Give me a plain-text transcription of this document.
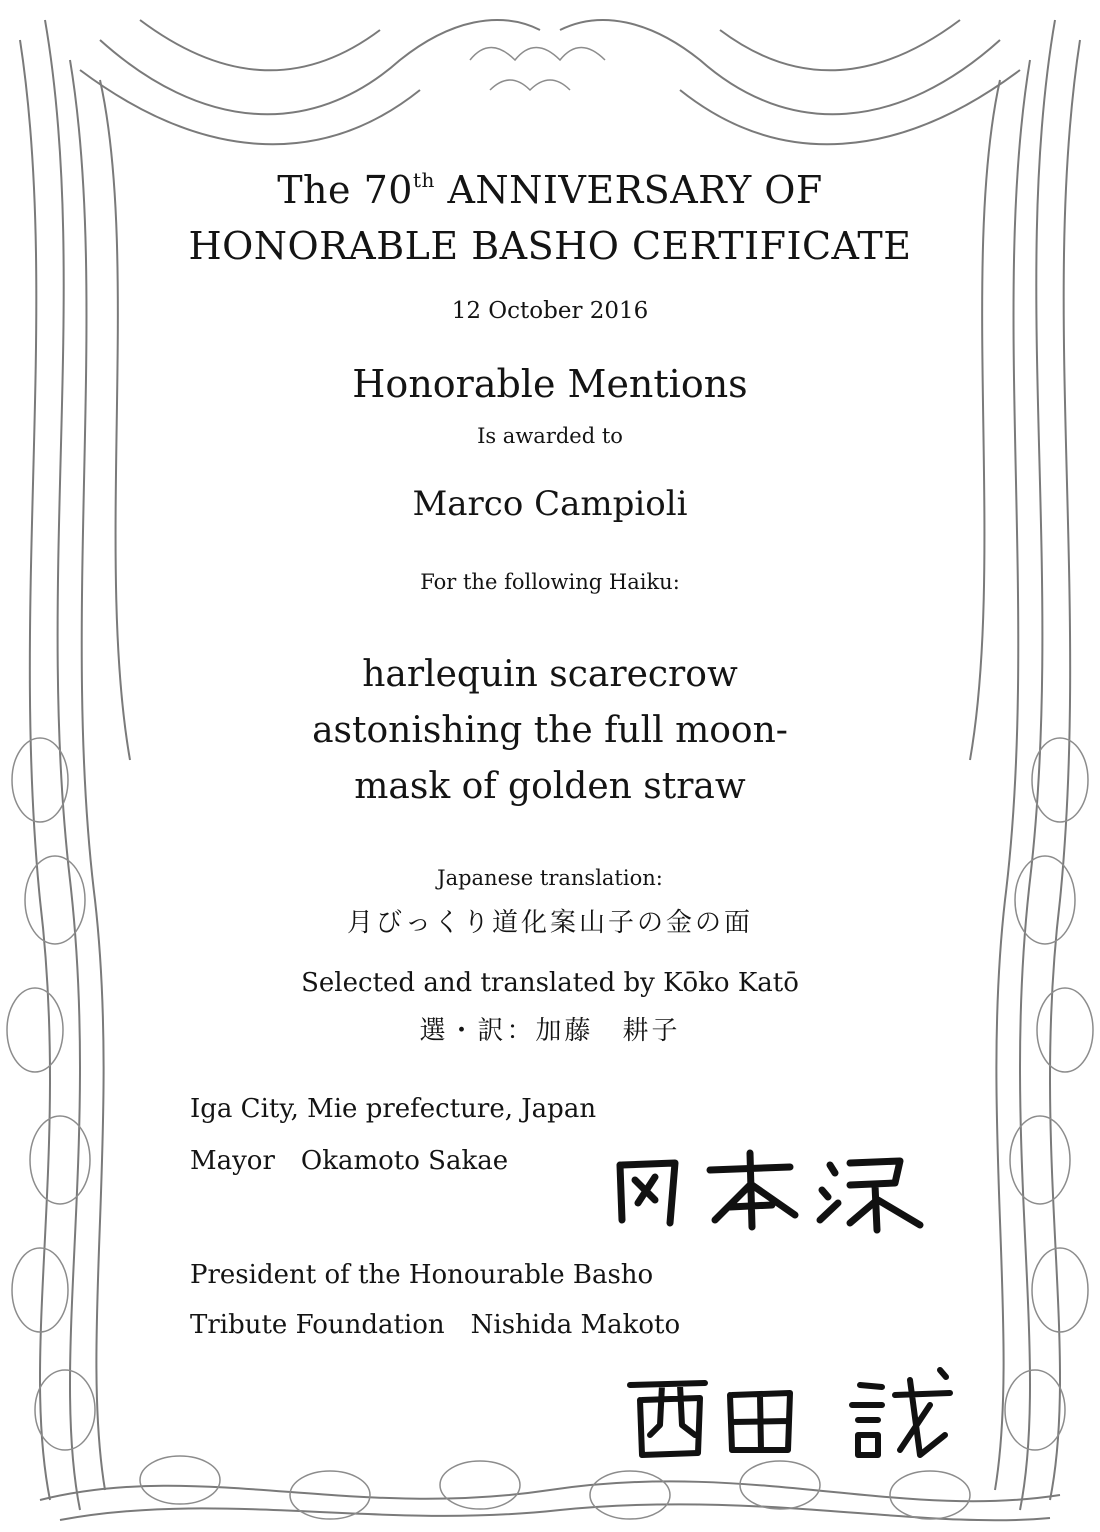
The 70th ANNIVERSARY OF
HONORABLE BASHO CERTIFICATE
12 October 2016
Honorable Mentions
Is awarded to
Marco Campioli
For the following Haiku:
harlequin scarecrow
astonishing the full moon-
mask of golden straw
Japanese translation:
月びっくり道化案山子の金の面
Selected and translated by Kōko Katō
選・訳：加藤　耕子
Iga City, Mie prefecture, Japan
Mayor　Okamoto Sakae
President of the Honourable Basho
Tribute Foundation　Nishida Makoto
